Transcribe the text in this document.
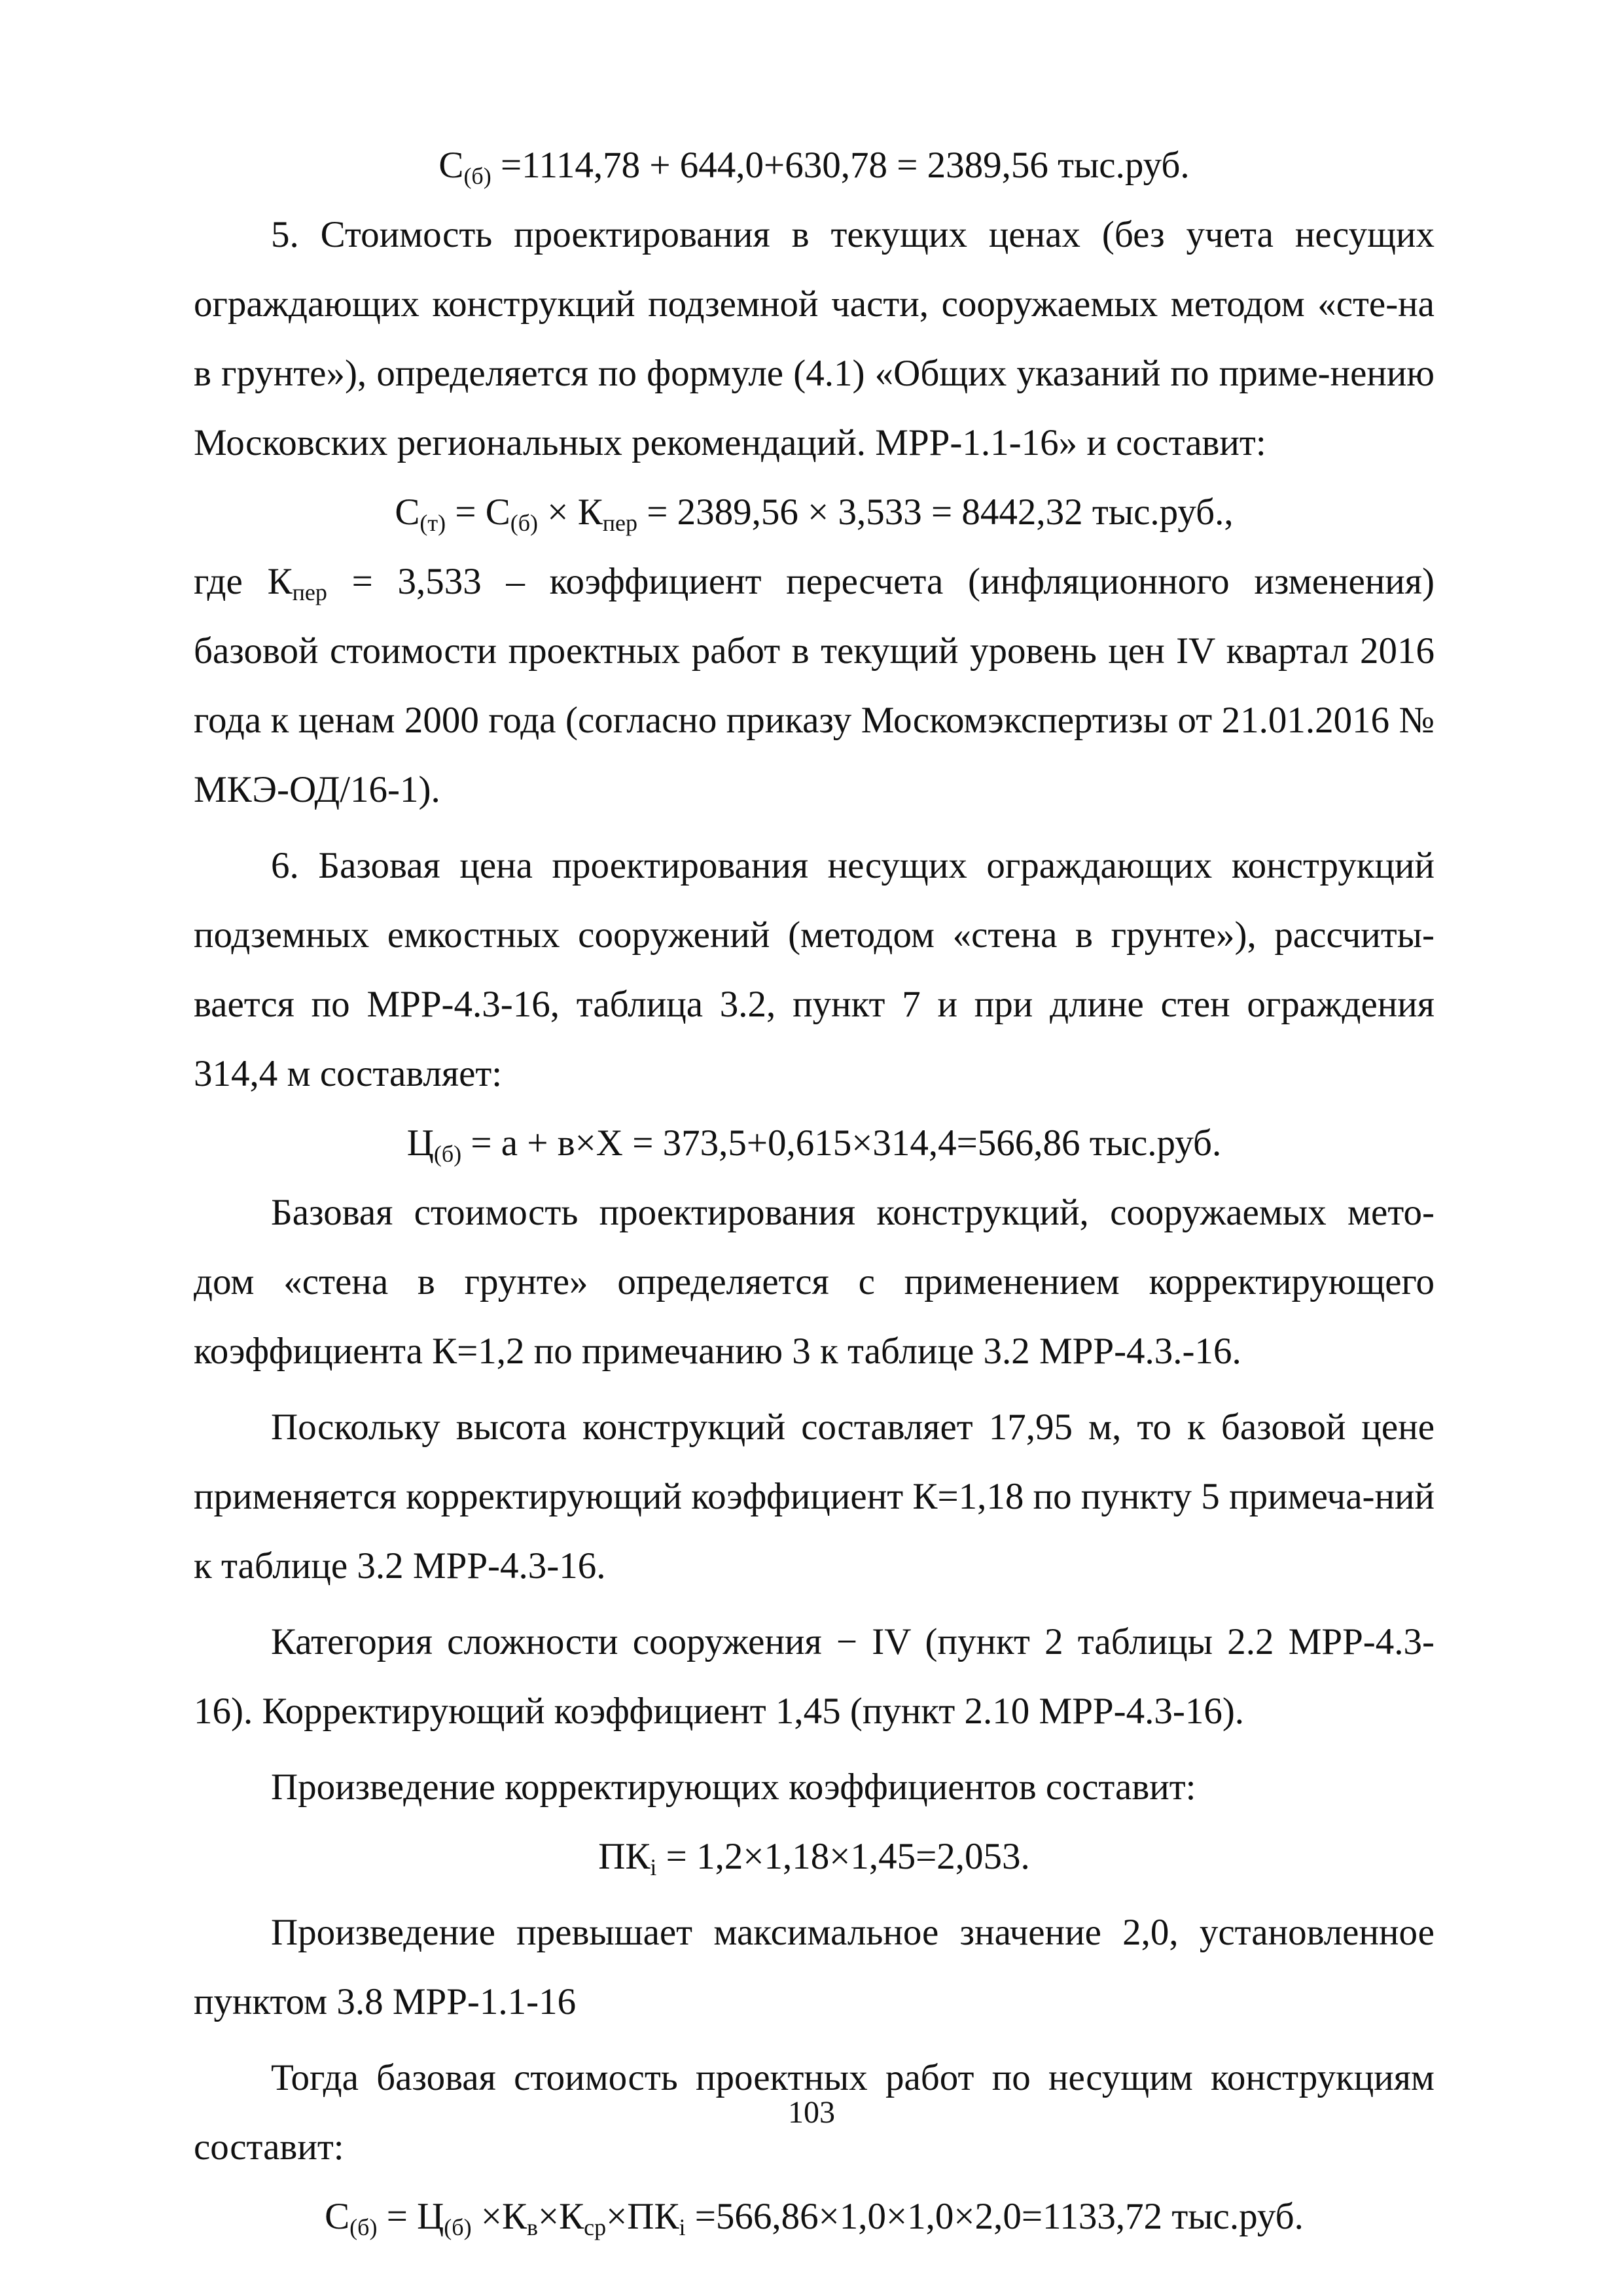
$С_{(б)} =1114,78 + 644,0+630,78 = 2389,56$ тыс.руб.

5. Стоимость проектирования в текущих ценах (без учета несущих ограждающих конструкций подземной части, сооружаемых методом «сте-на в грунте»), определяется по формуле (4.1) «Общих указаний по приме-нению Московских региональных рекомендаций. МРР-1.1-16» и составит:

$С_{(т)} = С_{(б)} \times К_{пер} = 2389,56 \times 3,533 = 8442,32$ тыс.руб.,

где $К_{пер} = 3,533$ – коэффициент пересчета (инфляционного изменения) базовой стоимости проектных работ в текущий уровень цен IV квартал 2016 года к ценам 2000 года (согласно приказу Москомэкспертизы от 21.01.2016 № МКЭ-ОД/16-1).

6. Базовая цена проектирования несущих ограждающих конструкций подземных емкостных сооружений (методом «стена в грунте»), рассчиты-вается по МРР-4.3-16, таблица 3.2, пункт 7 и при длине стен ограждения 314,4 м составляет:

$Ц_{(б)} = а + в\times Х = 373,5+0,615\times 314,4=566,86$ тыс.руб.

Базовая стоимость проектирования конструкций, сооружаемых мето-дом «стена в грунте» определяется с применением корректирующего коэффициента К=1,2 по примечанию 3 к таблице 3.2 МРР-4.3.-16.

Поскольку высота конструкций составляет 17,95 м, то к базовой цене применяется корректирующий коэффициент К=1,18 по пункту 5 примеча-ний к таблице 3.2 МРР-4.3-16.

Категория сложности сооружения − IV (пункт 2 таблицы 2.2 МРР-4.3-16). Корректирующий коэффициент 1,45 (пункт 2.10 МРР-4.3-16).

Произведение корректирующих коэффициентов составит:

$ПК_i = 1,2\times 1,18\times 1,45=2,053$.

Произведение превышает максимальное значение 2,0, установленное пунктом 3.8 МРР-1.1-16

Тогда базовая стоимость проектных работ по несущим конструкциям составит:

$С_{(б)} = Ц_{(б)} \times К_в\times К_{ср}\times ПК_i =566,86\times 1,0\times 1,0\times 2,0=1133,72$ тыс.руб.

103
